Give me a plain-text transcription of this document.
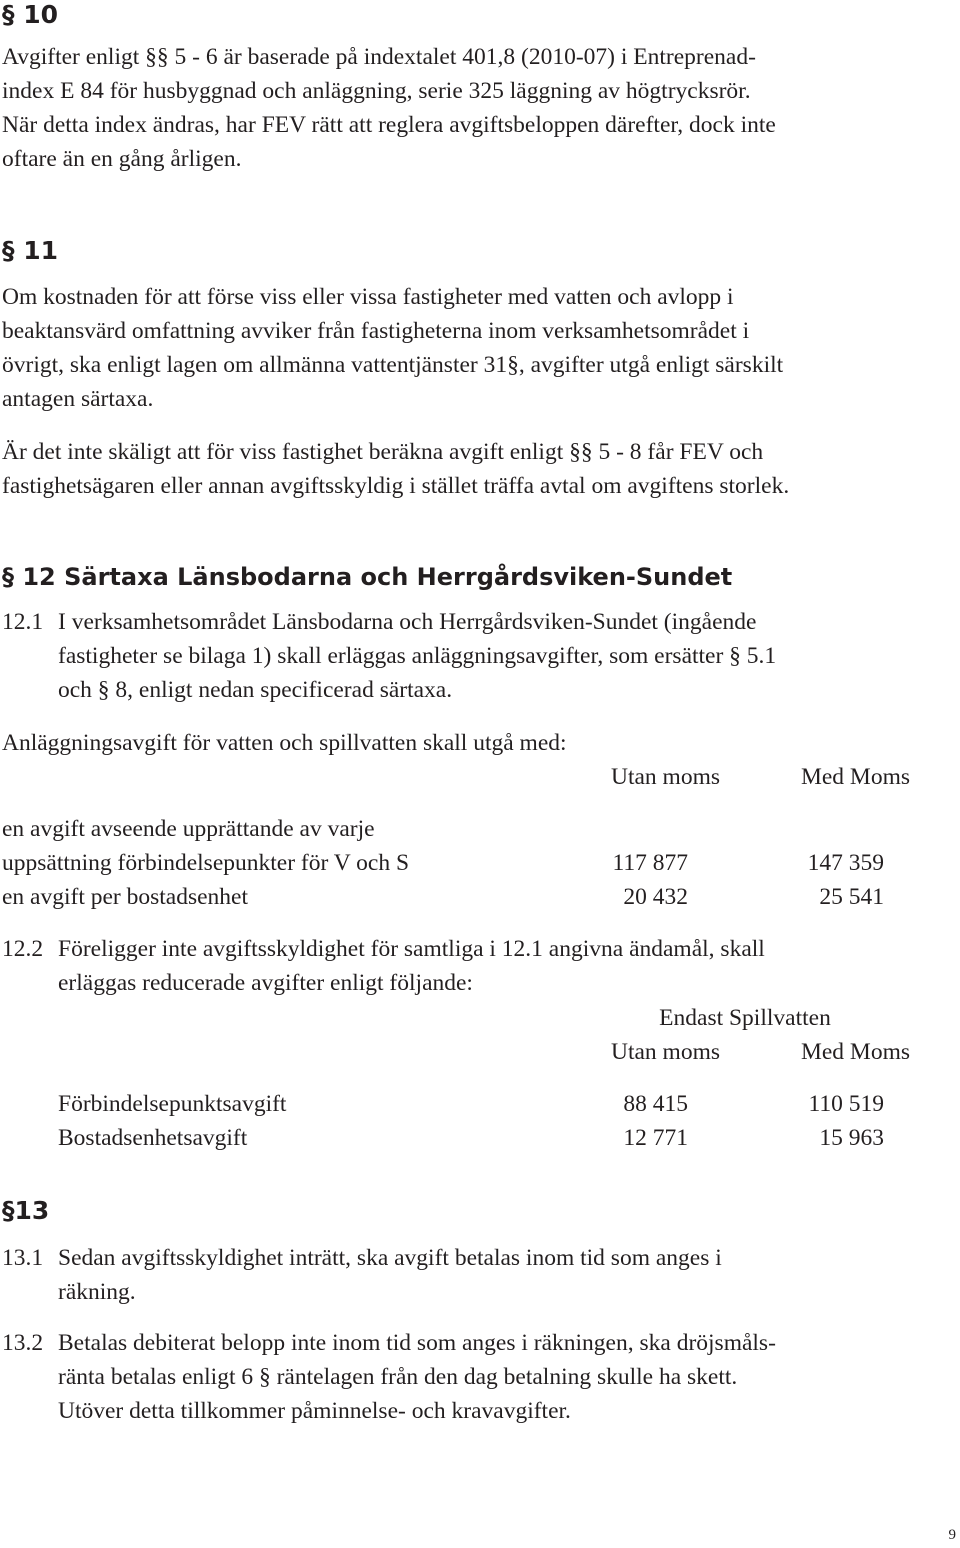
§ 10
Avgifter enligt §§ 5 - 6 är baserade på indextalet 401,8 (2010-07) i Entreprenad-
index E 84 för husbyggnad och anläggning, serie 325 läggning av högtrycksrör.
När detta index ändras, har FEV rätt att reglera avgiftsbeloppen därefter, dock inte
oftare än en gång årligen.
§ 11
Om kostnaden för att förse viss eller vissa fastigheter med vatten och avlopp i
beaktansvärd omfattning avviker från fastigheterna inom verksamhetsområdet i
övrigt, ska enligt lagen om allmänna vattentjänster 31§, avgifter utgå enligt särskilt
antagen särtaxa.
Är det inte skäligt att för viss fastighet beräkna avgift enligt §§ 5 - 8 får FEV och
fastighetsägaren eller annan avgiftsskyldig i stället träffa avtal om avgiftens storlek.
§ 12 Särtaxa Länsbodarna och Herrgårdsviken-Sundet
12.1 I verksamhetsområdet Länsbodarna och Herrgårdsviken-Sundet (ingående
fastigheter se bilaga 1) skall erläggas anläggningsavgifter, som ersätter § 5.1
och § 8, enligt nedan specificerad särtaxa.
Anläggningsavgift för vatten och spillvatten skall utgå med:
Utan moms	Med Moms
en avgift avseende upprättande av varje
uppsättning förbindelsepunkter för V och S	117 877	147 359
en avgift per bostadsenhet	20 432	25 541
12.2 Föreligger inte avgiftsskyldighet för samtliga i 12.1 angivna ändamål, skall
erläggas reducerade avgifter enligt följande:
Endast Spillvatten
Utan moms	Med Moms
Förbindelsepunktsavgift	88 415	110 519
Bostadsenhetsavgift	12 771	15 963
§13
13.1 Sedan avgiftsskyldighet inträtt, ska avgift betalas inom tid som anges i
räkning.
13.2 Betalas debiterat belopp inte inom tid som anges i räkningen, ska dröjsmåls-
ränta betalas enligt 6 § räntelagen från den dag betalning skulle ha skett.
Utöver detta tillkommer påminnelse- och kravavgifter.
9
